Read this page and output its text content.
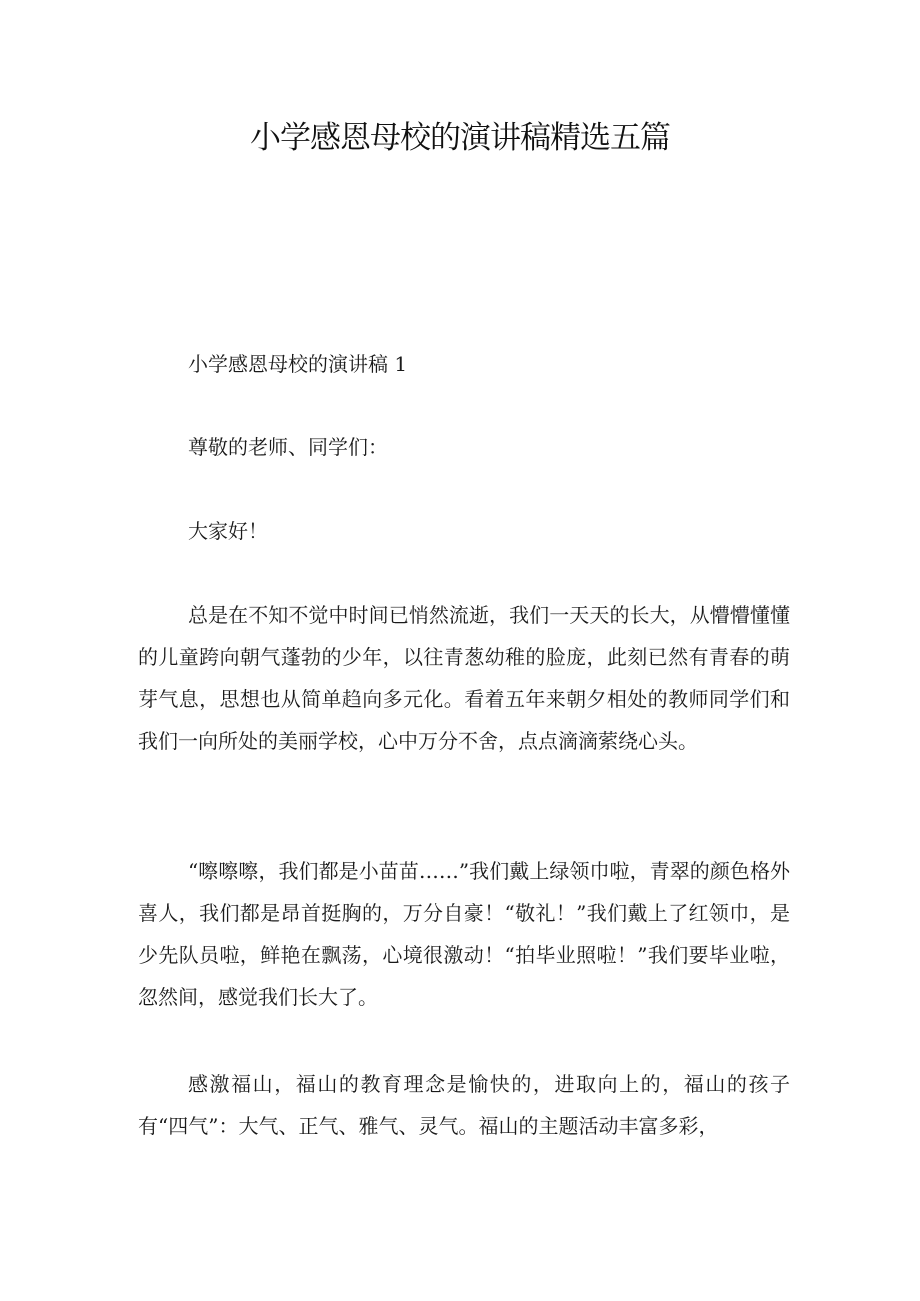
小学感恩母校的演讲稿精选五篇

小学感恩母校的演讲稿 1

尊敬的老师、同学们：

大家好！

总是在不知不觉中时间已悄然流逝，我们一天天的长大，从懵懵懂懂的儿童跨向朝气蓬勃的少年，以往青葱幼稚的脸庞，此刻已然有青春的萌芽气息，思想也从简单趋向多元化。看着五年来朝夕相处的教师同学们和我们一向所处的美丽学校，心中万分不舍，点点滴滴萦绕心头。

“嚓嚓嚓，我们都是小苗苗……”我们戴上绿领巾啦，青翠的颜色格外喜人，我们都是昂首挺胸的，万分自豪！“敬礼！”我们戴上了红领巾，是少先队员啦，鲜艳在飘荡，心境很激动！“拍毕业照啦！”我们要毕业啦，忽然间，感觉我们长大了。

感激福山，福山的教育理念是愉快的，进取向上的，福山的孩子有“四气”：大气、正气、雅气、灵气。福山的主题活动丰富多彩，
